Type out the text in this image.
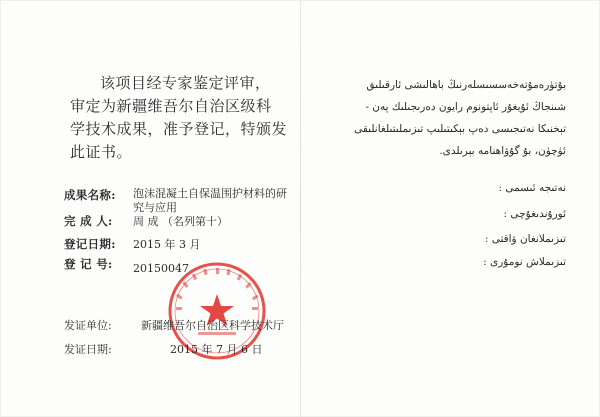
该项目经专家鉴定评审，
审定为新疆维吾尔自治区级科
学技术成果，准予登记，特颁发
此证书。
成果名称: 泡沫混凝土自保温围护材料的研究与应用
完 成 人: 周 成 （名列第十）
登记日期: 2015 年 3 月
登 记 号: 20150047
发证单位:	新疆维吾尔自治区科学技术厅
发证日期:	2015 年 7 月 6 日
بۇتۈرەمۇتەخەسسىسلەرنىڭ باھالىشى ئارقىلىق
شىنجاڭ ئۇيغۇر ئاپتونوم رايون دەرىجىلىك پەن -
تېخنىكا نەتىجىسى دەپ بېكىتىلىپ تىزىملىتىلغانلىقى
ئۈچۈن، بۇ گۇۋاھنامە بېرىلدى.
نەتىجە ئىسمى :
ئورۇندىغۇچى :
تىزىملانغان ۋاقتى :
تىزىملاش نومۇرى :
